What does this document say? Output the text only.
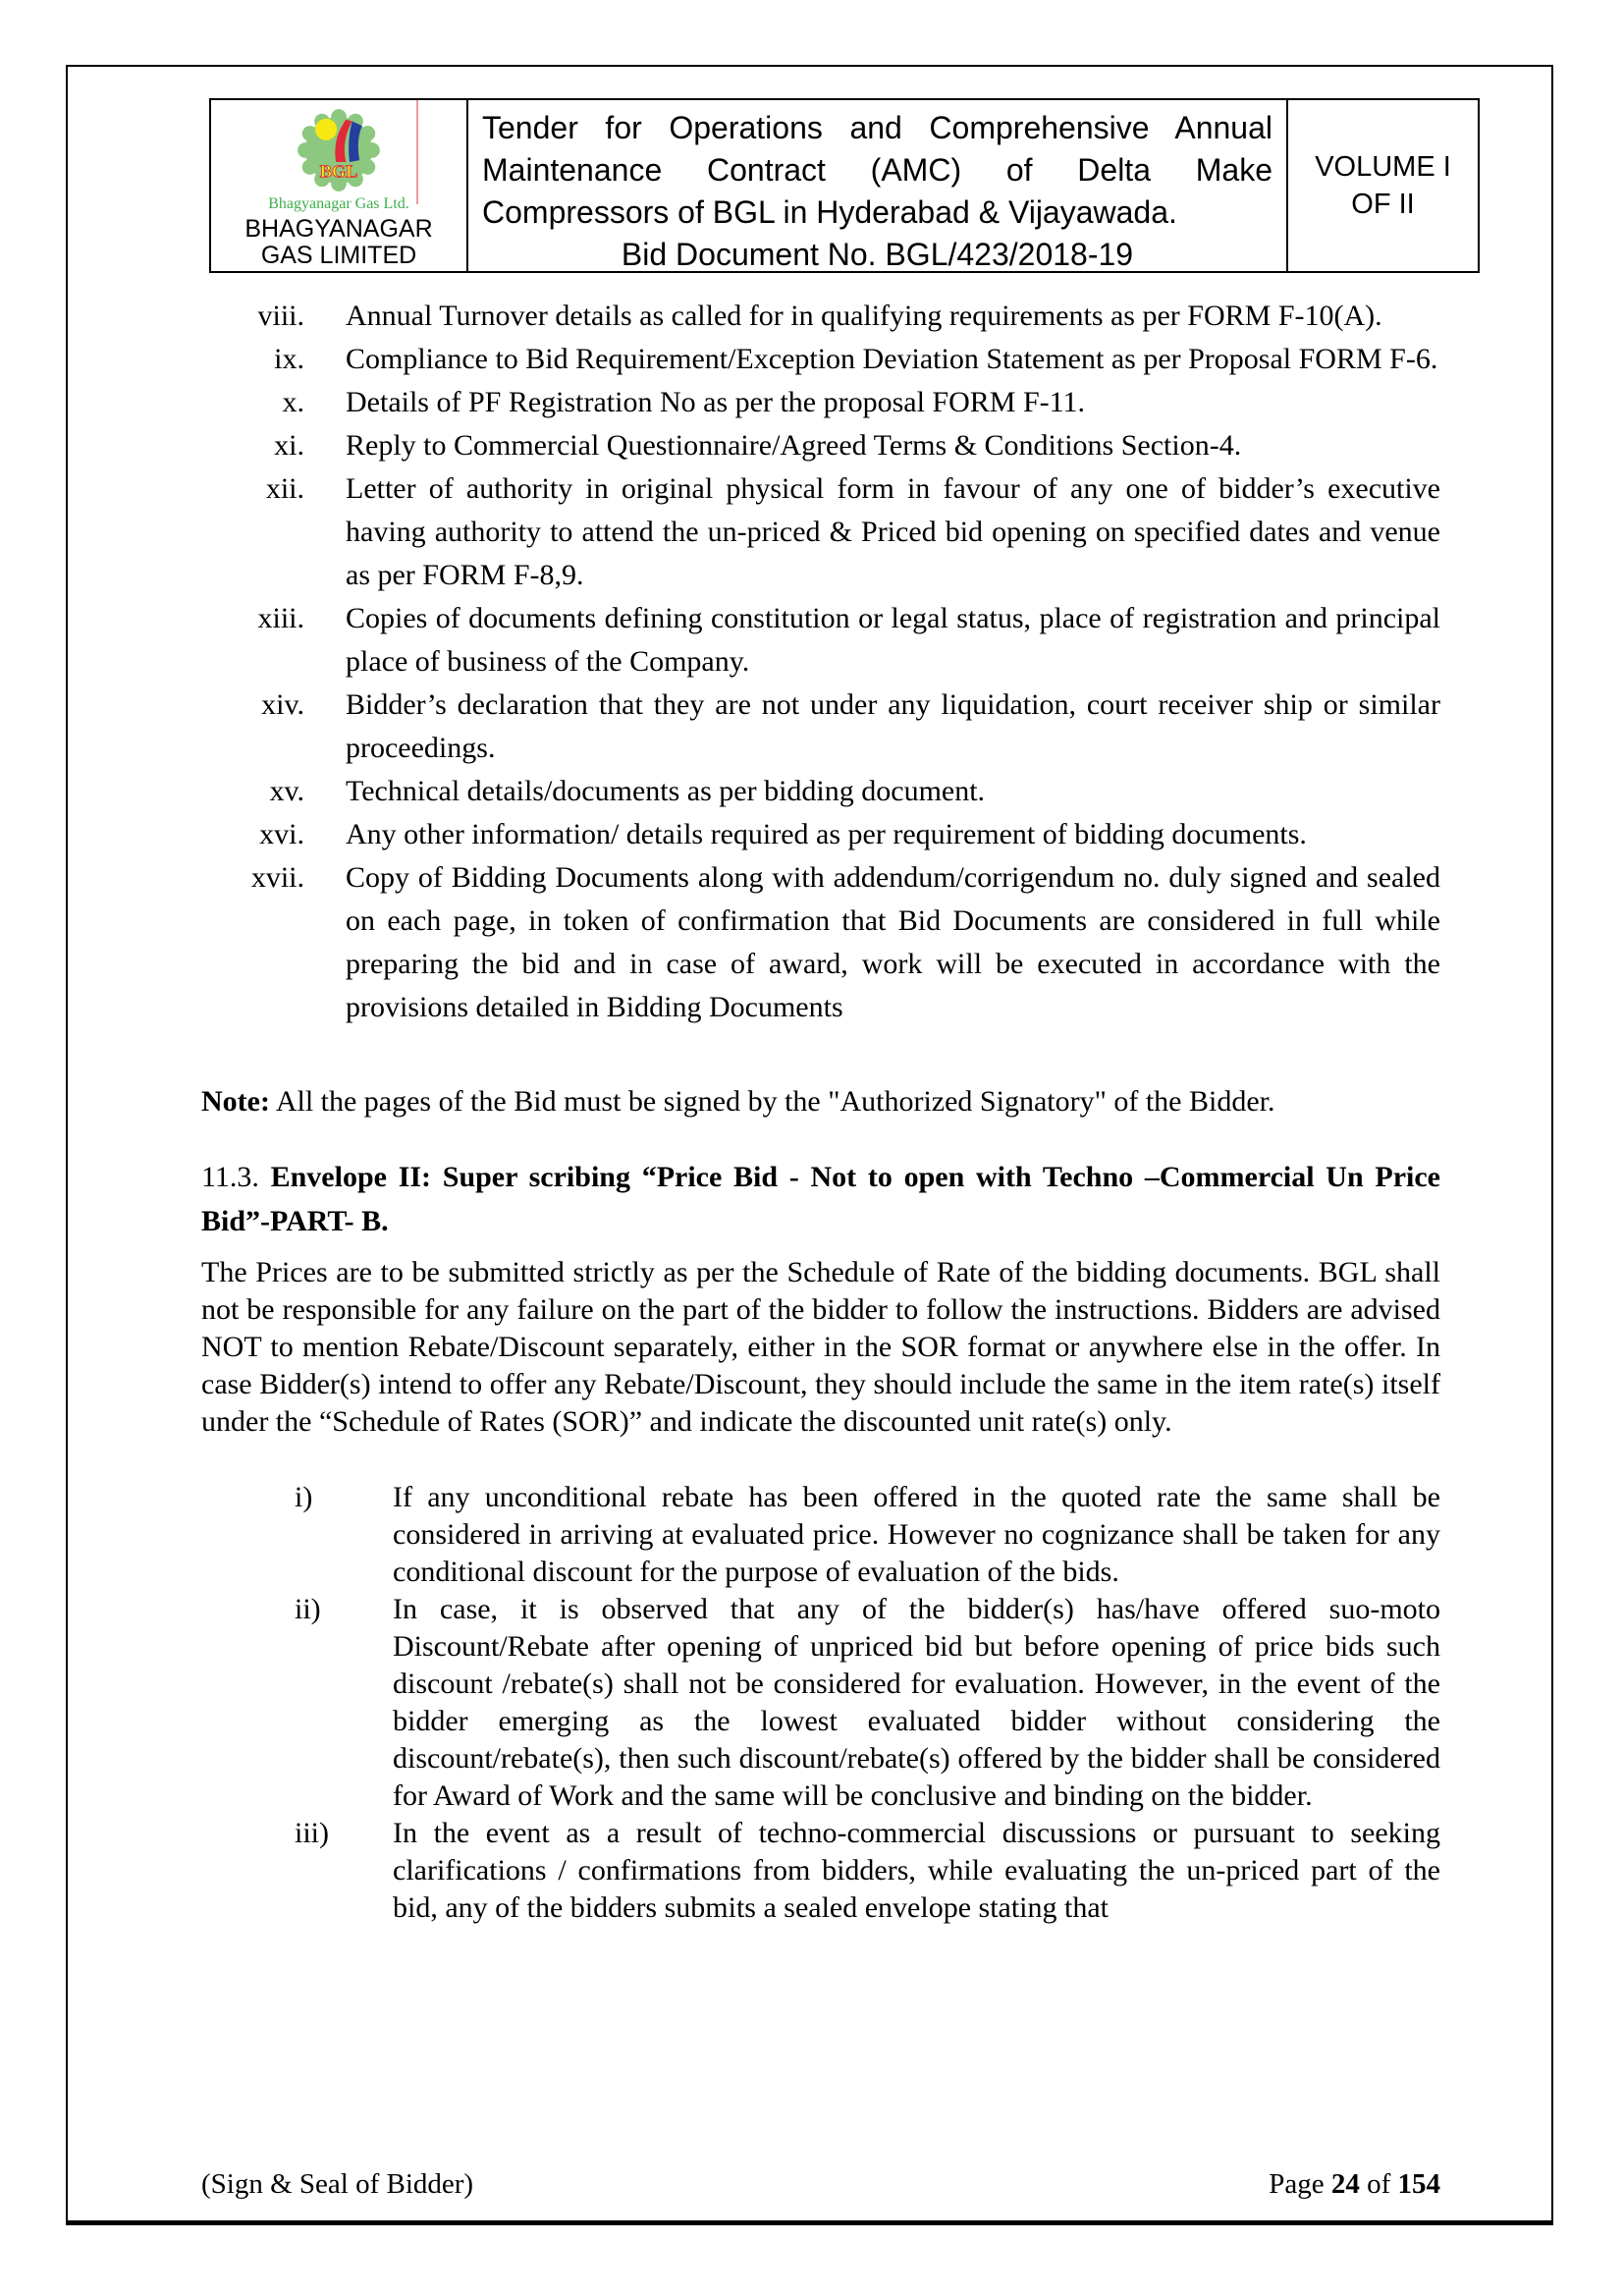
BGL
Bhagyanagar Gas Ltd.
BHAGYANAGAR GAS LIMITED
Tender for Operations and Comprehensive Annual Maintenance Contract (AMC) of Delta Make Compressors of BGL in Hyderabad & Vijayawada.
Bid Document No. BGL/423/2018-19
VOLUME I
OF II
viii. Annual Turnover details as called for in qualifying requirements as per FORM F-10(A).
ix. Compliance to Bid Requirement/Exception Deviation Statement as per Proposal FORM F-6.
x. Details of PF Registration No as per the proposal FORM F-11.
xi. Reply to Commercial Questionnaire/Agreed Terms & Conditions Section-4.
xii. Letter of authority in original physical form in favour of any one of bidder’s executive having authority to attend the un-priced & Priced bid opening on specified dates and venue as per FORM F-8,9.
xiii. Copies of documents defining constitution or legal status, place of registration and principal place of business of the Company.
xiv. Bidder’s declaration that they are not under any liquidation, court receiver ship or similar proceedings.
xv. Technical details/documents as per bidding document.
xvi. Any other information/ details required as per requirement of bidding documents.
xvii. Copy of Bidding Documents along with addendum/corrigendum no. duly signed and sealed on each page, in token of confirmation that Bid Documents are considered in full while preparing the bid and in case of award, work will be executed in accordance with the provisions detailed in Bidding Documents
Note: All the pages of the Bid must be signed by the "Authorized Signatory" of the Bidder.
11.3. Envelope II: Super scribing “Price Bid - Not to open with Techno –Commercial Un Price Bid”-PART- B.
The Prices are to be submitted strictly as per the Schedule of Rate of the bidding documents. BGL shall not be responsible for any failure on the part of the bidder to follow the instructions. Bidders are advised NOT to mention Rebate/Discount separately, either in the SOR format or anywhere else in the offer. In case Bidder(s) intend to offer any Rebate/Discount, they should include the same in the item rate(s) itself under the “Schedule of Rates (SOR)” and indicate the discounted unit rate(s) only.
i)	If any unconditional rebate has been offered in the quoted rate the same shall be considered in arriving at evaluated price. However no cognizance shall be taken for any conditional discount for the purpose of evaluation of the bids.
ii)	In case, it is observed that any of the bidder(s) has/have offered suo-moto Discount/Rebate after opening of unpriced bid but before opening of price bids such discount /rebate(s) shall not be considered for evaluation. However, in the event of the bidder emerging as the lowest evaluated bidder without considering the discount/rebate(s), then such discount/rebate(s) offered by the bidder shall be considered for Award of Work and the same will be conclusive and binding on the bidder.
iii)	In the event as a result of techno-commercial discussions or pursuant to seeking clarifications / confirmations from bidders, while evaluating the un-priced part of the bid, any of the bidders submits a sealed envelope stating that
(Sign & Seal of Bidder)	Page 24 of 154
